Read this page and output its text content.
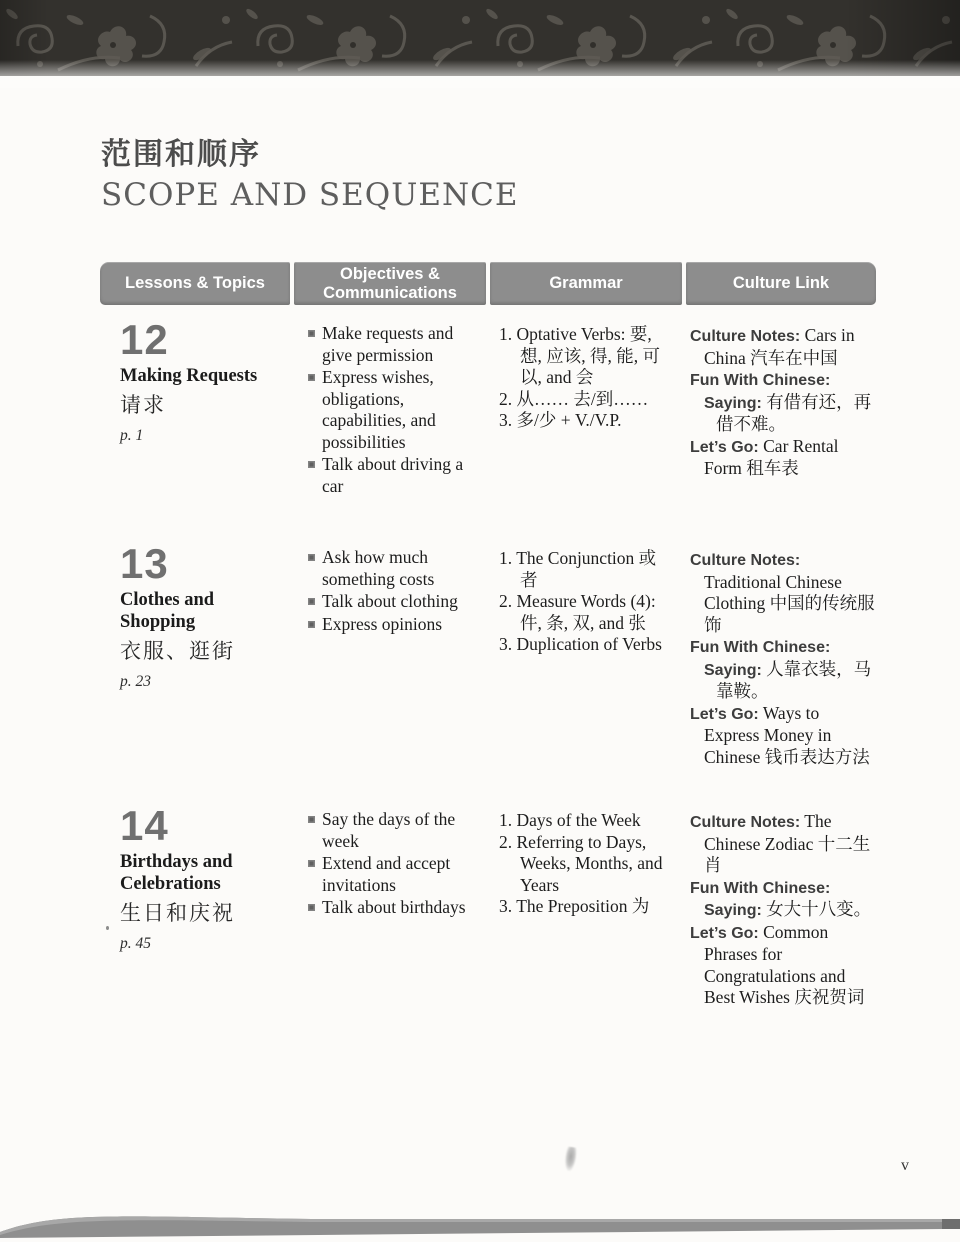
范围和顺序
SCOPE AND SEQUENCE
Lessons & Topics
Objectives & Communications
Grammar	Culture Link
12
Making Requests
请求
p. 1
Make requests and give permission
Express wishes, obligations, capabilities, and possibilities
Talk about driving a car
1. Optative Verbs: 要, 想, 应该, 得, 能, 可以, and 会
2. 从…… 去/到……
3. 多/少 + V./V.P.
Culture Notes: Cars in China 汽车在中国
Fun With Chinese:
Saying: 有借有还，再借不难。
Let’s Go: Car Rental Form 租车表
13
Clothes and Shopping
衣服、逛街
p. 23
Ask how much something costs
Talk about clothing
Express opinions
1. The Conjunction 或者
2. Measure Words (4): 件, 条, 双, and 张
3. Duplication of Verbs
Culture Notes: Traditional Chinese Clothing 中国的传统服饰
Fun With Chinese:
Saying: 人靠衣装，马靠鞍。
Let’s Go: Ways to Express Money in Chinese 钱币表达方法
14
Birthdays and Celebrations
生日和庆祝
p. 45
Say the days of the week
Extend and accept invitations
Talk about birthdays
1. Days of the Week
2. Referring to Days, Weeks, Months, and Years
3. The Preposition 为
Culture Notes: The Chinese Zodiac 十二生肖
Fun With Chinese:
Saying: 女大十八变。
Let’s Go: Common Phrases for Congratulations and Best Wishes 庆祝贺词
v
